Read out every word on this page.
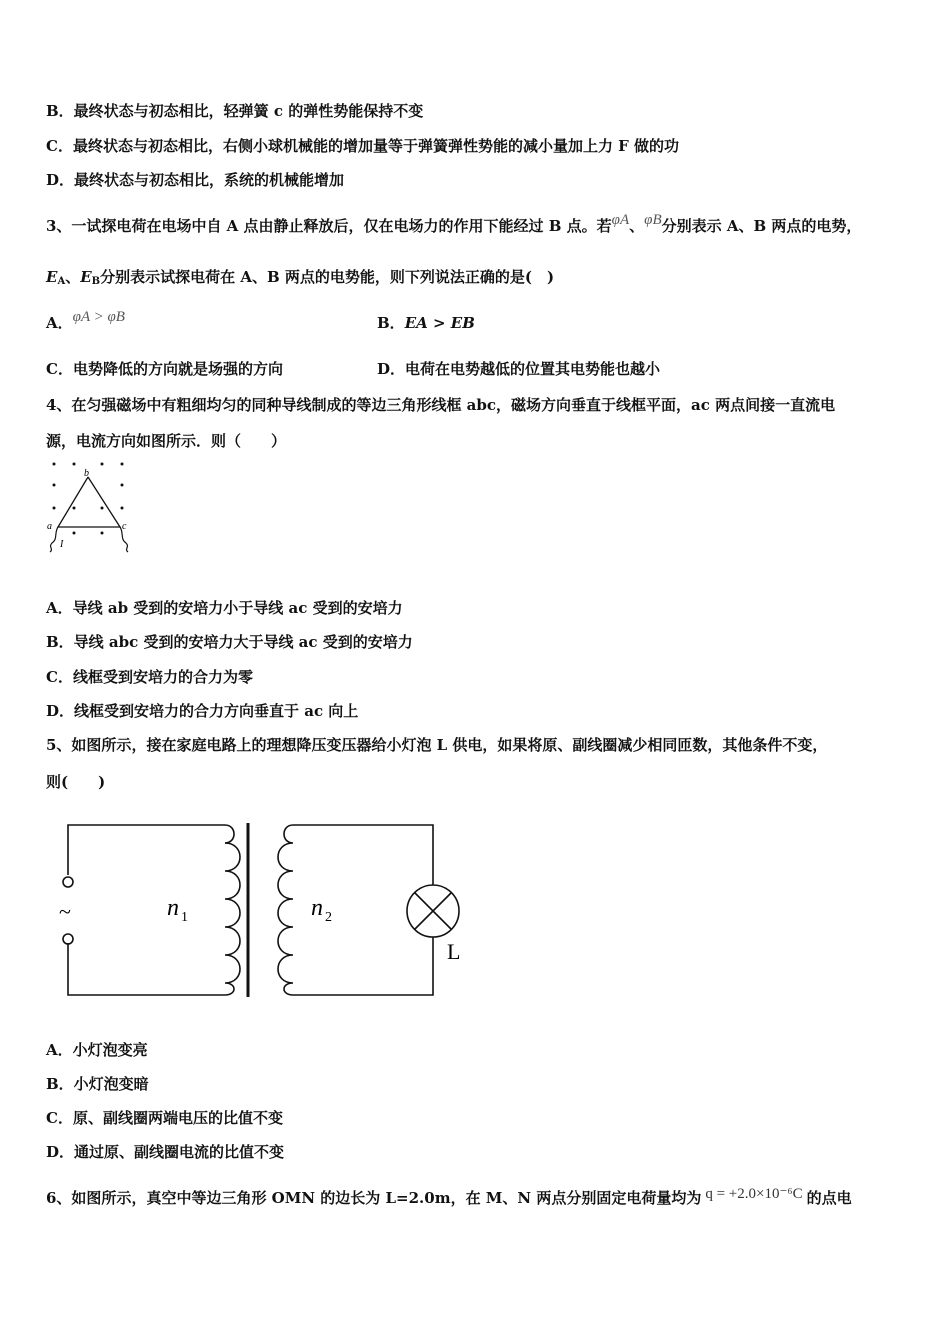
B．最终状态与初态相比，轻弹簧 c 的弹性势能保持不变
C．最终状态与初态相比，右侧小球机械能的增加量等于弹簧弹性势能的减小量加上力 F 做的功
D．最终状态与初态相比，系统的机械能增加
3、一试探电荷在电场中自 A 点由静止释放后，仅在电场力的作用下能经过 B 点。若φA、φB分别表示 A、B 两点的电势，
$E_A$、$E_B$分别表示试探电荷在 A、B 两点的电势能，则下列说法正确的是(　)
A．φA > φB	B．EA > EB
C．电势降低的方向就是场强的方向	D．电荷在电势越低的位置其电势能也越小
4、在匀强磁场中有粗细均匀的同种导线制成的等边三角形线框 abc，磁场方向垂直于线框平面，ac 两点间接一直流电
源，电流方向如图所示．则（　　）
b
a	c
I
A．导线 ab 受到的安培力小于导线 ac 受到的安培力
B．导线 abc 受到的安培力大于导线 ac 受到的安培力
C．线框受到安培力的合力为零
D．线框受到安培力的合力方向垂直于 ac 向上
5、如图所示，接在家庭电路上的理想降压变压器给小灯泡 L 供电，如果将原、副线圈减少相同匝数，其他条件不变，
则(　　)
~	n 1	n 2
L
A．小灯泡变亮
B．小灯泡变暗
C．原、副线圈两端电压的比值不变
D．通过原、副线圈电流的比值不变
6、如图所示，真空中等边三角形 OMN 的边长为 L=2.0m，在 M、N 两点分别固定电荷量均为 q = +2.0×10⁻⁶C 的点电
